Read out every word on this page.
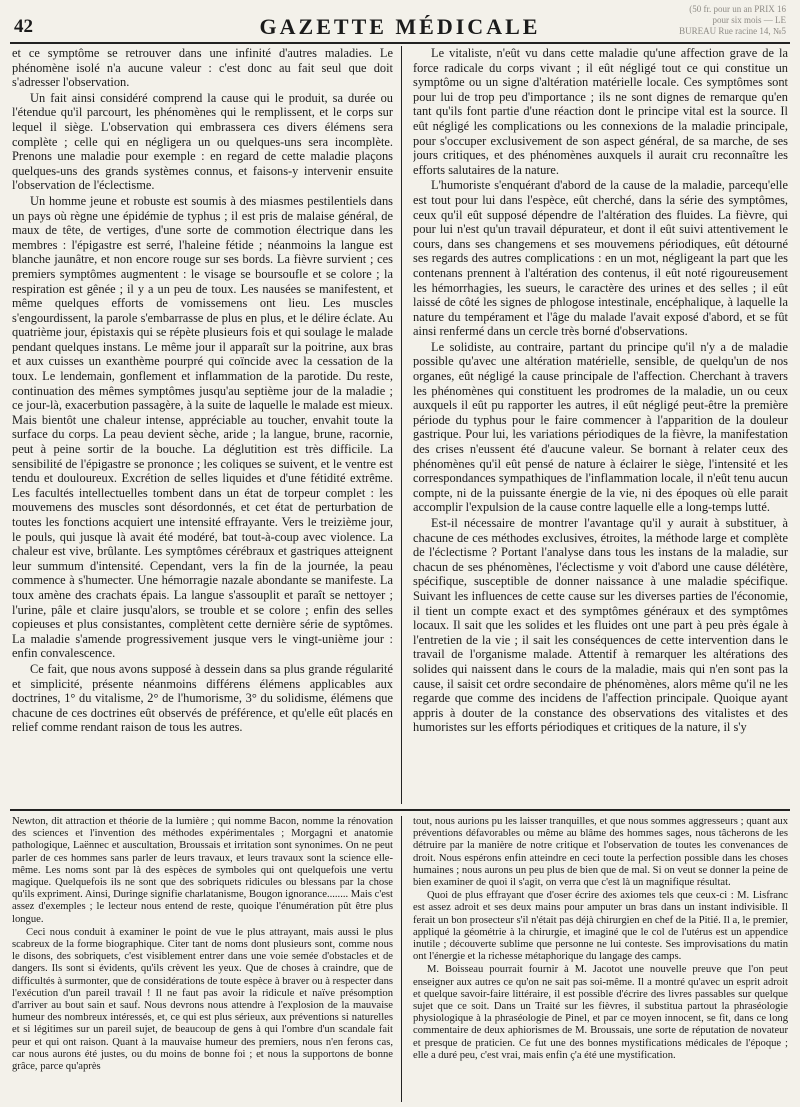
42	GAZETTE MÉDICALE
(50 fr. pour un an PRIX 16 pour six mois — LE BUREAU Rue racine 14, №5

et ce symptôme se retrouver dans une infinité d'autres maladies. Le phénomène isolé n'a aucune valeur : c'est donc au fait seul que doit s'adresser l'observation.

Un fait ainsi considéré comprend la cause qui le produit, sa durée ou l'étendue qu'il parcourt, les phénomènes qui le remplissent, et le corps sur lequel il siège. L'observation qui embrassera ces divers élémens sera complète ; celle qui en négligera un ou quelques-uns sera incomplète. Prenons une maladie pour exemple : en regard de cette maladie plaçons quelques-uns des grands systèmes connus, et faisons-y intervenir ensuite l'observation de l'éclectisme.

Un homme jeune et robuste est soumis à des miasmes pestilentiels dans un pays où règne une épidémie de typhus ; il est pris de malaise général, de maux de tête, de vertiges, d'une sorte de commotion électrique dans les membres : l'épigastre est serré, l'haleine fétide ; néanmoins la langue est blanche jaunâtre, et non encore rouge sur ses bords. La fièvre survient ; ces premiers symptômes augmentent : le visage se boursoufle et se colore ; la respiration est gênée ; il y a un peu de toux. Les nausées se manifestent, et même quelques efforts de vomissemens ont lieu. Les muscles s'engourdissent, la parole s'embarrasse de plus en plus, et le délire éclate. Au quatrième jour, épistaxis qui se répète plusieurs fois et qui soulage le malade pendant quelques instans. Le même jour il apparaît sur la poitrine, aux bras et aux cuisses un exanthème pourpré qui coïncide avec la cessation de la toux. Le lendemain, gonflement et inflammation de la parotide. Du reste, continuation des mêmes symptômes jusqu'au septième jour de la maladie ; ce jour-là, exacerbution passagère, à la suite de laquelle le malade est mieux. Mais bientôt une chaleur intense, appréciable au toucher, envahit toute la surface du corps. La peau devient sèche, aride ; la langue, brune, racornie, peut à peine sortir de la bouche. La déglutition est très difficile. La sensibilité de l'épigastre se prononce ; les coliques se suivent, et le ventre est tendu et douloureux. Excrétion de selles liquides et d'une fétidité extrême. Les facultés intellectuelles tombent dans un état de torpeur complet : les mouvemens des muscles sont désordonnés, et cet état de perturbation de toutes les fonctions acquiert une intensité effrayante. Vers le treizième jour, le pouls, qui jusque là avait été modéré, bat tout-à-coup avec violence. La chaleur est vive, brûlante. Les symptômes cérébraux et gastriques atteignent leur summum d'intensité. Cependant, vers la fin de la journée, la peau commence à s'humecter. Une hémorragie nazale abondante se manifeste. La toux amène des crachats épais. La langue s'assouplit et paraît se nettoyer ; l'urine, pâle et claire jusqu'alors, se trouble et se colore ; enfin des selles copieuses et plus consistantes, complètent cette dernière série de syptômes. La maladie s'amende progressivement jusque vers le vingt-unième jour : enfin convalescence.

Ce fait, que nous avons supposé à dessein dans sa plus grande régularité et simplicité, présente néanmoins différens élémens applicables aux doctrines, 1° du vitalisme, 2° de l'humorisme, 3° du solidisme, élémens que chacune de ces doctrines eût observés de préférence, et qu'elle eût placés en relief comme rendant raison de tous les autres.

Le vitaliste, n'eût vu dans cette maladie qu'une affection grave de la force radicale du corps vivant ; il eût négligé tout ce qui constitue un symptôme ou un signe d'altération matérielle locale. Ces symptômes sont pour lui de trop peu d'importance ; ils ne sont dignes de remarque qu'en tant qu'ils font partie d'une réaction dont le principe vital est la source. Il eût négligé les complications ou les connexions de la maladie principale, pour s'occuper exclusivement de son aspect général, de sa marche, de ses jours critiques, et des phénomènes auxquels il aurait cru reconnaître les efforts salutaires de la nature.

L'humoriste s'enquérant d'abord de la cause de la maladie, parcequ'elle est tout pour lui dans l'espèce, eût cherché, dans la série des symptômes, ceux qu'il eût supposé dépendre de l'altération des fluides. La fièvre, qui pour lui n'est qu'un travail dépurateur, et dont il eût suivi attentivement le cours, dans ses changemens et ses mouvemens périodiques, eût détourné ses regards des autres complications : en un mot, négligeant la part que les contenans prennent à l'altération des contenus, il eût noté rigoureusement les hémorrhagies, les sueurs, le caractère des urines et des selles ; il eût laissé de côté les signes de phlogose intestinale, encéphalique, à laquelle la nature du tempérament et l'âge du malade l'avait exposé d'abord, et se fût ainsi renfermé dans un cercle très borné d'observations.

Le solidiste, au contraire, partant du principe qu'il n'y a de maladie possible qu'avec une altération matérielle, sensible, de quelqu'un de nos organes, eût négligé la cause principale de l'affection. Cherchant à travers les phénomènes qui constituent les prodromes de la maladie, un ou ceux auxquels il eût pu rapporter les autres, il eût négligé peut-être la première période du typhus pour le faire commencer à l'apparition de la douleur gastrique. Pour lui, les variations périodiques de la fièvre, la manifestation des crises n'eussent été d'aucune valeur. Se bornant à relater ceux des phénomènes qu'il eût pensé de nature à éclairer le siège, l'intensité et les correspondances sympathiques de l'inflammation locale, il n'eût tenu aucun compte, ni de la puissante énergie de la vie, ni des époques où elle parait accomplir l'expulsion de la cause contre laquelle elle a long-temps lutté.

Est-il nécessaire de montrer l'avantage qu'il y aurait à substituer, à chacune de ces méthodes exclusives, étroites, la méthode large et complète de l'éclectisme ? Portant l'analyse dans tous les instans de la maladie, sur chacun de ses phénomènes, l'éclectisme y voit d'abord une cause délétère, spécifique, susceptible de donner naissance à une maladie spécifique. Suivant les influences de cette cause sur les diverses parties de l'économie, il tient un compte exact et des symptômes généraux et des symptômes locaux. Il sait que les solides et les fluides ont une part à peu près égale à l'entretien de la vie ; il sait les conséquences de cette intervention dans le travail de l'organisme malade. Attentif à remarquer les altérations des solides qui naissent dans le cours de la maladie, mais qui n'en sont pas la cause, il saisit cet ordre secondaire de phénomènes, alors même qu'il ne les regarde que comme des incidens de l'affection principale. Quoique ayant appris à douter de la constance des observations des vitalistes et des humoristes sur les efforts périodiques et critiques de la nature, il s'y

Newton, dit attraction et théorie de la lumière ; qui nomme Bacon, nomme la rénovation des sciences et l'invention des méthodes expérimentales ; Morgagni et anatomie pathologique, Laënnec et auscultation, Broussais et irritation sont synonimes. On ne peut parler de ces hommes sans parler de leurs travaux, et leurs travaux sont la science elle-même. Les noms sont par là des espèces de symboles qui ont quelquefois une vertu magique. Quelquefois ils ne sont que des sobriquets ridicules ou blessans par la chose qu'ils expriment. Ainsi, Duringe signifie charlatanisme, Bougon ignorance........ Mais c'est assez d'exemples ; le lecteur nous entend de reste, quoique l'énumération pût être plus longue.

Ceci nous conduit à examiner le point de vue le plus attrayant, mais aussi le plus scabreux de la forme biographique. Citer tant de noms dont plusieurs sont, comme nous le disons, des sobriquets, c'est visiblement entrer dans une voie semée d'obstacles et de dangers. Ils sont si évidents, qu'ils crèvent les yeux. Que de choses à craindre, que de difficultés à surmonter, que de considérations de toute espèce à braver ou à respecter dans l'exécution d'un pareil travail ! Il ne faut pas avoir la ridicule et naïve présomption d'arriver au bout sain et sauf. Nous devrons nous attendre à l'explosion de la mauvaise humeur des nombreux intéressés, et, ce qui est plus sérieux, aux préventions si naturelles et si légitimes sur un pareil sujet, de beaucoup de gens à qui l'ombre d'un scandale fait peur et qui ont raison. Quant à la mauvaise humeur des premiers, nous n'en ferons cas, car nous aurons été justes, ou du moins de bonne foi ; et nous la supportons de bonne grâce, parce qu'après

tout, nous aurions pu les laisser tranquilles, et que nous sommes aggresseurs ; quant aux préventions défavorables ou même au blâme des hommes sages, nous tâcherons de les détruire par la manière de notre critique et l'observation de toutes les convenances de droit. Nous espérons enfin atteindre en ceci toute la perfection possible dans les choses humaines ; nous aurons un peu plus de bien que de mal. Si on veut se donner la peine de bien examiner de quoi il s'agit, on verra que c'est là un magnifique résultat.

Quoi de plus effrayant que d'oser écrire des axiomes tels que ceux-ci : M. Lisfranc est assez adroit et ses deux mains pour amputer un bras dans un instant indivisible. Il ferait un bon prosecteur s'il n'était pas déjà chirurgien en chef de la Pitié. Il a, le premier, appliqué la géométrie à la chirurgie, et imaginé que le col de l'utérus est un appendice inutile ; découverte sublime que personne ne lui conteste. Ses improvisations du matin ont l'énergie et la richesse métaphorique du langage des camps.

M. Boisseau pourrait fournir à M. Jacotot une nouvelle preuve que l'on peut enseigner aux autres ce qu'on ne sait pas soi-même. Il a montré qu'avec un esprit adroit et quelque savoir-faire littéraire, il est possible d'écrire des livres passables sur quelque sujet que ce soit. Dans un Traité sur les fièvres, il substitua partout la phraséologie physiologique à la phraséologie de Pinel, et par ce moyen innocent, se fit, dans ce long commentaire de deux aphiorismes de M. Broussais, une sorte de réputation de novateur et presque de praticien. Ce fut une des bonnes mystifications médicales de l'époque ; elle a duré peu, c'est vrai, mais enfin ç'a été une mystification.
